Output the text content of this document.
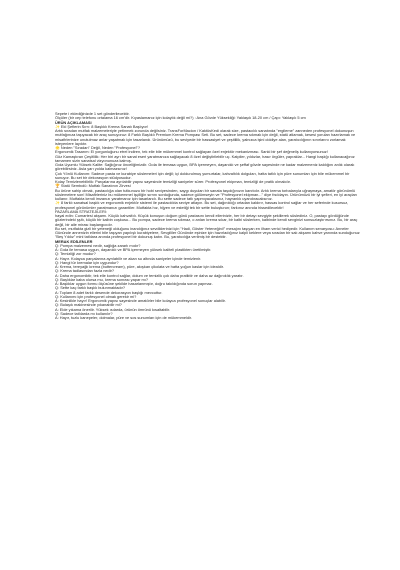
Sepete i eklediğinizde 1 set gönderilecektir.

Ölçüler (bir cep telefonu ortalama 16 cm'dir. Kıyaslamanız için kolaylık değil mi?) : Ana Gövde Yüksekliği: Yaklaşık 18-20 cm / Çapı: Yaklaşık 5 cm

ÜRÜN AÇIKLAMASI

✨ Ekl Şeflerin Sırrı: 8 Başlıklı Krema Sanatı Başlıyor!

Artık sıradan mutfak malzemeleriyle yetinmek zorunda değilsiniz. TransForMacion / KaktüsKedi olarak size, pastacılık sanatında "ergileme" zanneden profesyonel dokunuşun mutfağınıza taşıyacak bir araç sunuyoruz: 8 Farklı Başlıklı Premium Krema Pompası Seti. Bu set, sadece krema sıkmak için değil, statü atlamak, kesesi yorulan hazırlamak ve misafirlerinize unutulmaz anlar yaşatmak için tasarlandı. Ürünümüzü, bu seviyede bir hassasiyet ve çeşitlilik, yalnızca işini ciddiye alan, yaratıcılığının sınırlarını zorlamak isteyenlere layıktır.

🌟 Neden "Sıradan" Değil, Neden "Profesyonel"?

Ergonomik Tasarım: El yorgunluğunu etrel indiren, tek elle bile mükemmel kontrol sağlayan özel enjektör mekanizması. Sanki bir şef değmeliş kullanıyorsunuz!

Göz Kamaştıran Çeşitlilik: Her biri ayrı bir sanat eseri yaratmanıza sağlayacak 8 özel değiştirilebilir uç. Katpiler, yıldızlar, hasır örgüler, yapraklar... Hangi başlığı kullanacağınız tamamen sizin sanatsal vizyonunuza kalmış.

Gıda Uyumlu Yüksek Kalite: Sağlığınız önceliğimizdir. Gıda ile temasa uygun, BPA içermeyen, dayanıklı ve şeffaf gövde sayesinde ne kadar malzemeniz kaldığını anlık olarak görebilirsiniz. Asla yarı yolda kalmazsınız!

Çok Yönlü Kullanım: Sadece pasta ve kurabiye süslemeleri için değil; içi doldurulmuş yumurtalar, kahvaltılık dolguları, hatta tatlılı için püre sunumları için bile mükemmel bir sunuyor. Bu set bir dekorasyon stüdyosudur.

Kolay Temizlenebilirlik: Parçalarına ayrılabilir yapısı sayesinde temizliği saniyeler sürer. Profesyonel ekipman, temizliği de pratik olmalıdır.

🏆 Statü Sembolü: Mutfak Sanatının Zirvesi

Bu ürüne sahip olmak, pastacılığa olan tutkunuzu bir hobi seviyesinden, saygı duyulan bir sanata taşıdığınızın kanıtıdır. Artık krema torbalarıyla uğraşmaya, amatör görünümlü süslemelere son! Misafirleriniz bu mükemmel işçiliğin sırrını sorduğunda, sadece gülümseyin ve "Profesyonel ekipman..." diye fısıldayın. Ürünümüzü bir iyi şefleri, en iyi araçları kullanır. Mutfakta kendi imzanızı yaratmanız için tasarlandı. Bu sette sadece tatlı yapmıyacaksınız, hayranlık uyandıracaksınız.

✨ 8 farklı sanatsal başlık ve ergonomik enjektör sistemi ile pastacılıkta seviye atlayın. Bu set, dağınıklığı ortadan kaldırır, hassas kontrol sağlar ve her seferinde kusursuz, profesyonel görünümler yaratmanızı garantiler. Mutfakta hız, hijyen ve estetiği tek bir sette buluşturun; farkınız anında hissedilecektir!

PAZARLAMA STRATEJİLERİ:

hayal edin: Cumartesi akşamı. Küçük kahvaltılı. Küçük konuşun doğum günü pastasını kendi ellerinizle, her bir detayı sevgiyle şekillerek süslediniz. O, pastayı gördüğünde gözlerindeki şşltı, küçük bir kalbin coşkusu... Bu pompa, sadece krema sıkmaz, o anları krema sıkar, bir kalbi süslerken, kalbinde kendi sevginizi sonsuzlaştırırsınız. Bu, bir araç değil, bir aile mirası başlangıcıdır.

Bu set, mutfakta gizli bir yeteneği olduğunu inandığınız sevdiklerinizi için "Hadi, Göster Yeteneğini!" mesajını taşıyan en ilham verici hediyedir. Kullanım senaryosu: Anneler Gününde annenizin ellerini bile taşıyan yapılışlı kurabiyelere, Sevgililer Gününde eşinize için hazırladığınız kalpli keklere veya sıradan bir salı akşamı kahve yanında sunduğunuz "Beş Yıldız" mini tatlılara anında profesyonel bir dokunuş katın. Bu, yaratıcılığa verilmiş bir destektir.

MERAK EDİLENLER

Q: Pompa malzemesi nedir, sağlığa zararlı mıdır?

A: Gıda ile temasa uygun, dayanıklı ve BPA içermeyen yüksek kaliteli plastikten üretilmiştir.

Q: Temizliği zor mudur?

A: Hayır. Kolayca parçalarına ayrılabilir ve akan su altında saniyeler içinde temizlenir.

Q: Hangi tür kremalar için uygundur?

A: Krema, tereyağlı krema (buttercream), püre, akışkan çikolata ve hatta yoğun kaslar için idealdir.

Q: Krema tadlasından fazla nedir?

A: Daha ergonomiktir, tek elle kontrol sağlar, dolum ve temizlik çok daha pratiktir ve daha az dağınıklık yaratır.

Q: Başlıklar kaba olursa mu, krema sonrası yapar mı?

A: Başlıklar uygun formu ölçüsüne şekilde hasarlanmıştır, doğru takıldığında sorun yapmaz.

Q: Sette kaç farklı başlık bulunmaktadır?

A: Toplam 8 adet farklı desende dekorasyon başlığı mevcuttur.

Q: Kullanımı için profesyonel olmak gerekir mi?

A: Kesinlikle hayır! Ergonomik yapısı sayesinde amatörler bile kolayca profesyonel sonuçlar alabilir.

Q: Bulaşık makinesinde yıkanabilir mi?

A: Elde yıkama önerilir. Yüksek ısılarda, ürünün ömrünü kısaltabilir.

Q: Sadece tatlılarda mı kullanılır?

A: Hayır, tuzlu kanepeler, dolmalar, püre ve sos sunumları için de mükemmeldir.
